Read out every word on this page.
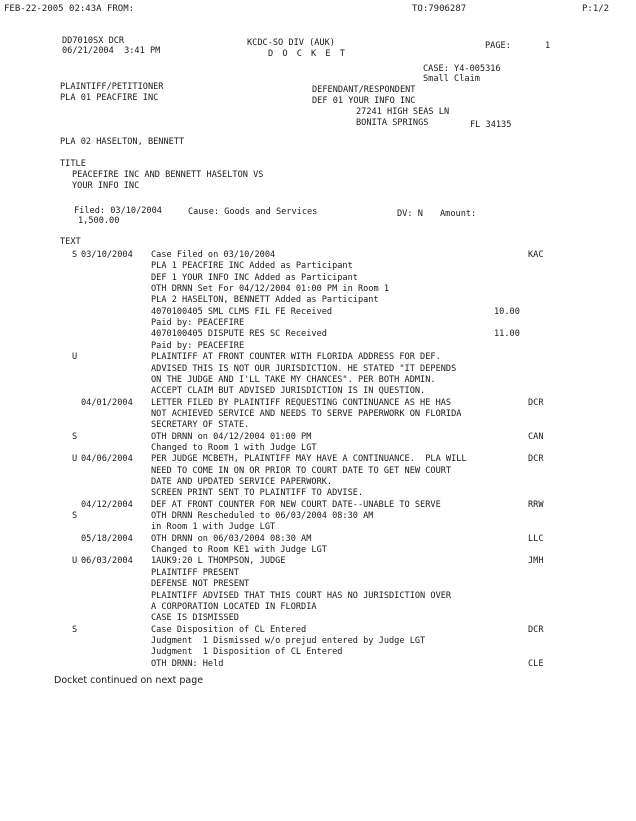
FEB-22-2005 02:43A FROM:	TO:7906287	P:1/2
DD7010SX DCR
06/21/2004  3:41 PM
KCDC-SO DIV (AUK)
D O C K E T
PAGE:	1
CASE: Y4-005316
Small Claim
PLAINTIFF/PETITIONER
PLA 01 PEACFIRE INC
DEFENDANT/RESPONDENT
DEF 01 YOUR INFO INC
27241 HIGH SEAS LN
BONITA SPRINGS	FL 34135
PLA 02 HASELTON, BENNETT
TITLE
PEACEFIRE INC AND BENNETT HASELTON VS
YOUR INFO INC
Filed: 03/10/2004	Cause: Goods and Services	DV: N Amount:
1,500.00
TEXT
S 03/10/2004 Case Filed on 03/10/2004	KAC
PLA 1 PEACFIRE INC Added as Participant
DEF 1 YOUR INFO INC Added as Participant
OTH DRNN Set For 04/12/2004 01:00 PM in Room 1
PLA 2 HASELTON, BENNETT Added as Participant
4070100405 SML CLMS FIL FE Received	10.00
Paid by: PEACEFIRE
4070100405 DISPUTE RES SC Received	11.00
Paid by: PEACEFIRE
U	PLAINTIFF AT FRONT COUNTER WITH FLORIDA ADDRESS FOR DEF.
ADVISED THIS IS NOT OUR JURISDICTION. HE STATED "IT DEPENDS
ON THE JUDGE AND I'LL TAKE MY CHANCES". PER BOTH ADMIN.
ACCEPT CLAIM BUT ADVISED JURISDICTION IS IN QUESTION.
04/01/2004 LETTER FILED BY PLAINTIFF REQUESTING CONTINUANCE AS HE HAS	DCR
NOT ACHIEVED SERVICE AND NEEDS TO SERVE PAPERWORK ON FLORIDA
SECRETARY OF STATE.
S	OTH DRNN on 04/12/2004 01:00 PM	CAN
Changed to Room 1 with Judge LGT
U 04/06/2004 PER JUDGE MCBETH, PLAINTIFF MAY HAVE A CONTINUANCE.  PLA WILL	DCR
NEED TO COME IN ON OR PRIOR TO COURT DATE TO GET NEW COURT
DATE AND UPDATED SERVICE PAPERWORK.
SCREEN PRINT SENT TO PLAINTIFF TO ADVISE.
04/12/2004 DEF AT FRONT COUNTER FOR NEW COURT DATE--UNABLE TO SERVE	RRW
S	OTH DRNN Rescheduled to 06/03/2004 08:30 AM
in Room 1 with Judge LGT
05/18/2004 OTH DRNN on 06/03/2004 08:30 AM	LLC
Changed to Room KE1 with Judge LGT
U 06/03/2004 1AUK9:20 L THOMPSON, JUDGE	JMH
PLAINTIFF PRESENT
DEFENSE NOT PRESENT
PLAINTIFF ADVISED THAT THIS COURT HAS NO JURISDICTION OVER
A CORPORATION LOCATED IN FLORDIA
CASE IS DISMISSED
S	Case Disposition of CL Entered	DCR
Judgment  1 Dismissed w/o prejud entered by Judge LGT
Judgment  1 Disposition of CL Entered
OTH DRNN: Held	CLE
Docket continued on next page
